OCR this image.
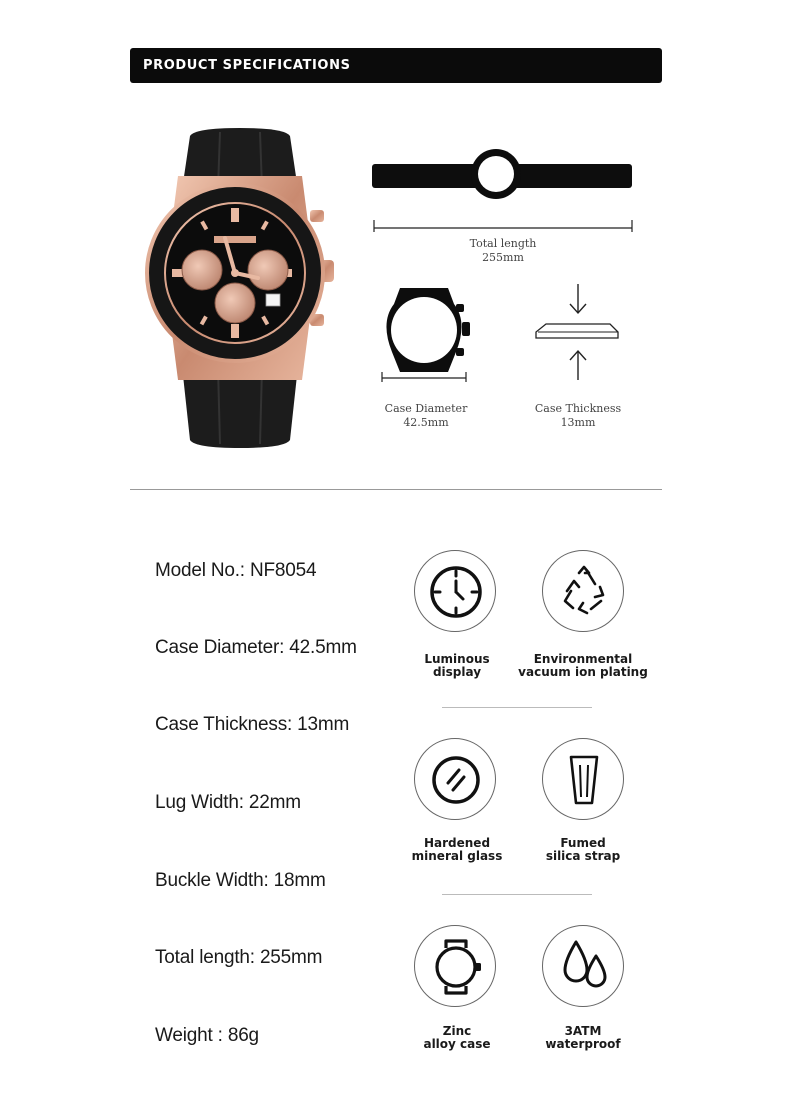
PRODUCT SPECIFICATIONS
Total length
255mm
Case Diameter
42.5mm
Case Thickness
13mm
Model No.: NF8054
Case Diameter: 42.5mm
Case Thickness: 13mm
Lug Width: 22mm
Buckle Width: 18mm
Total length: 255mm
Weight : 86g
Luminous
display
Environmental
vacuum ion plating
Hardened
mineral glass
Fumed
silica strap
Zinc
alloy case
3ATM
waterproof
